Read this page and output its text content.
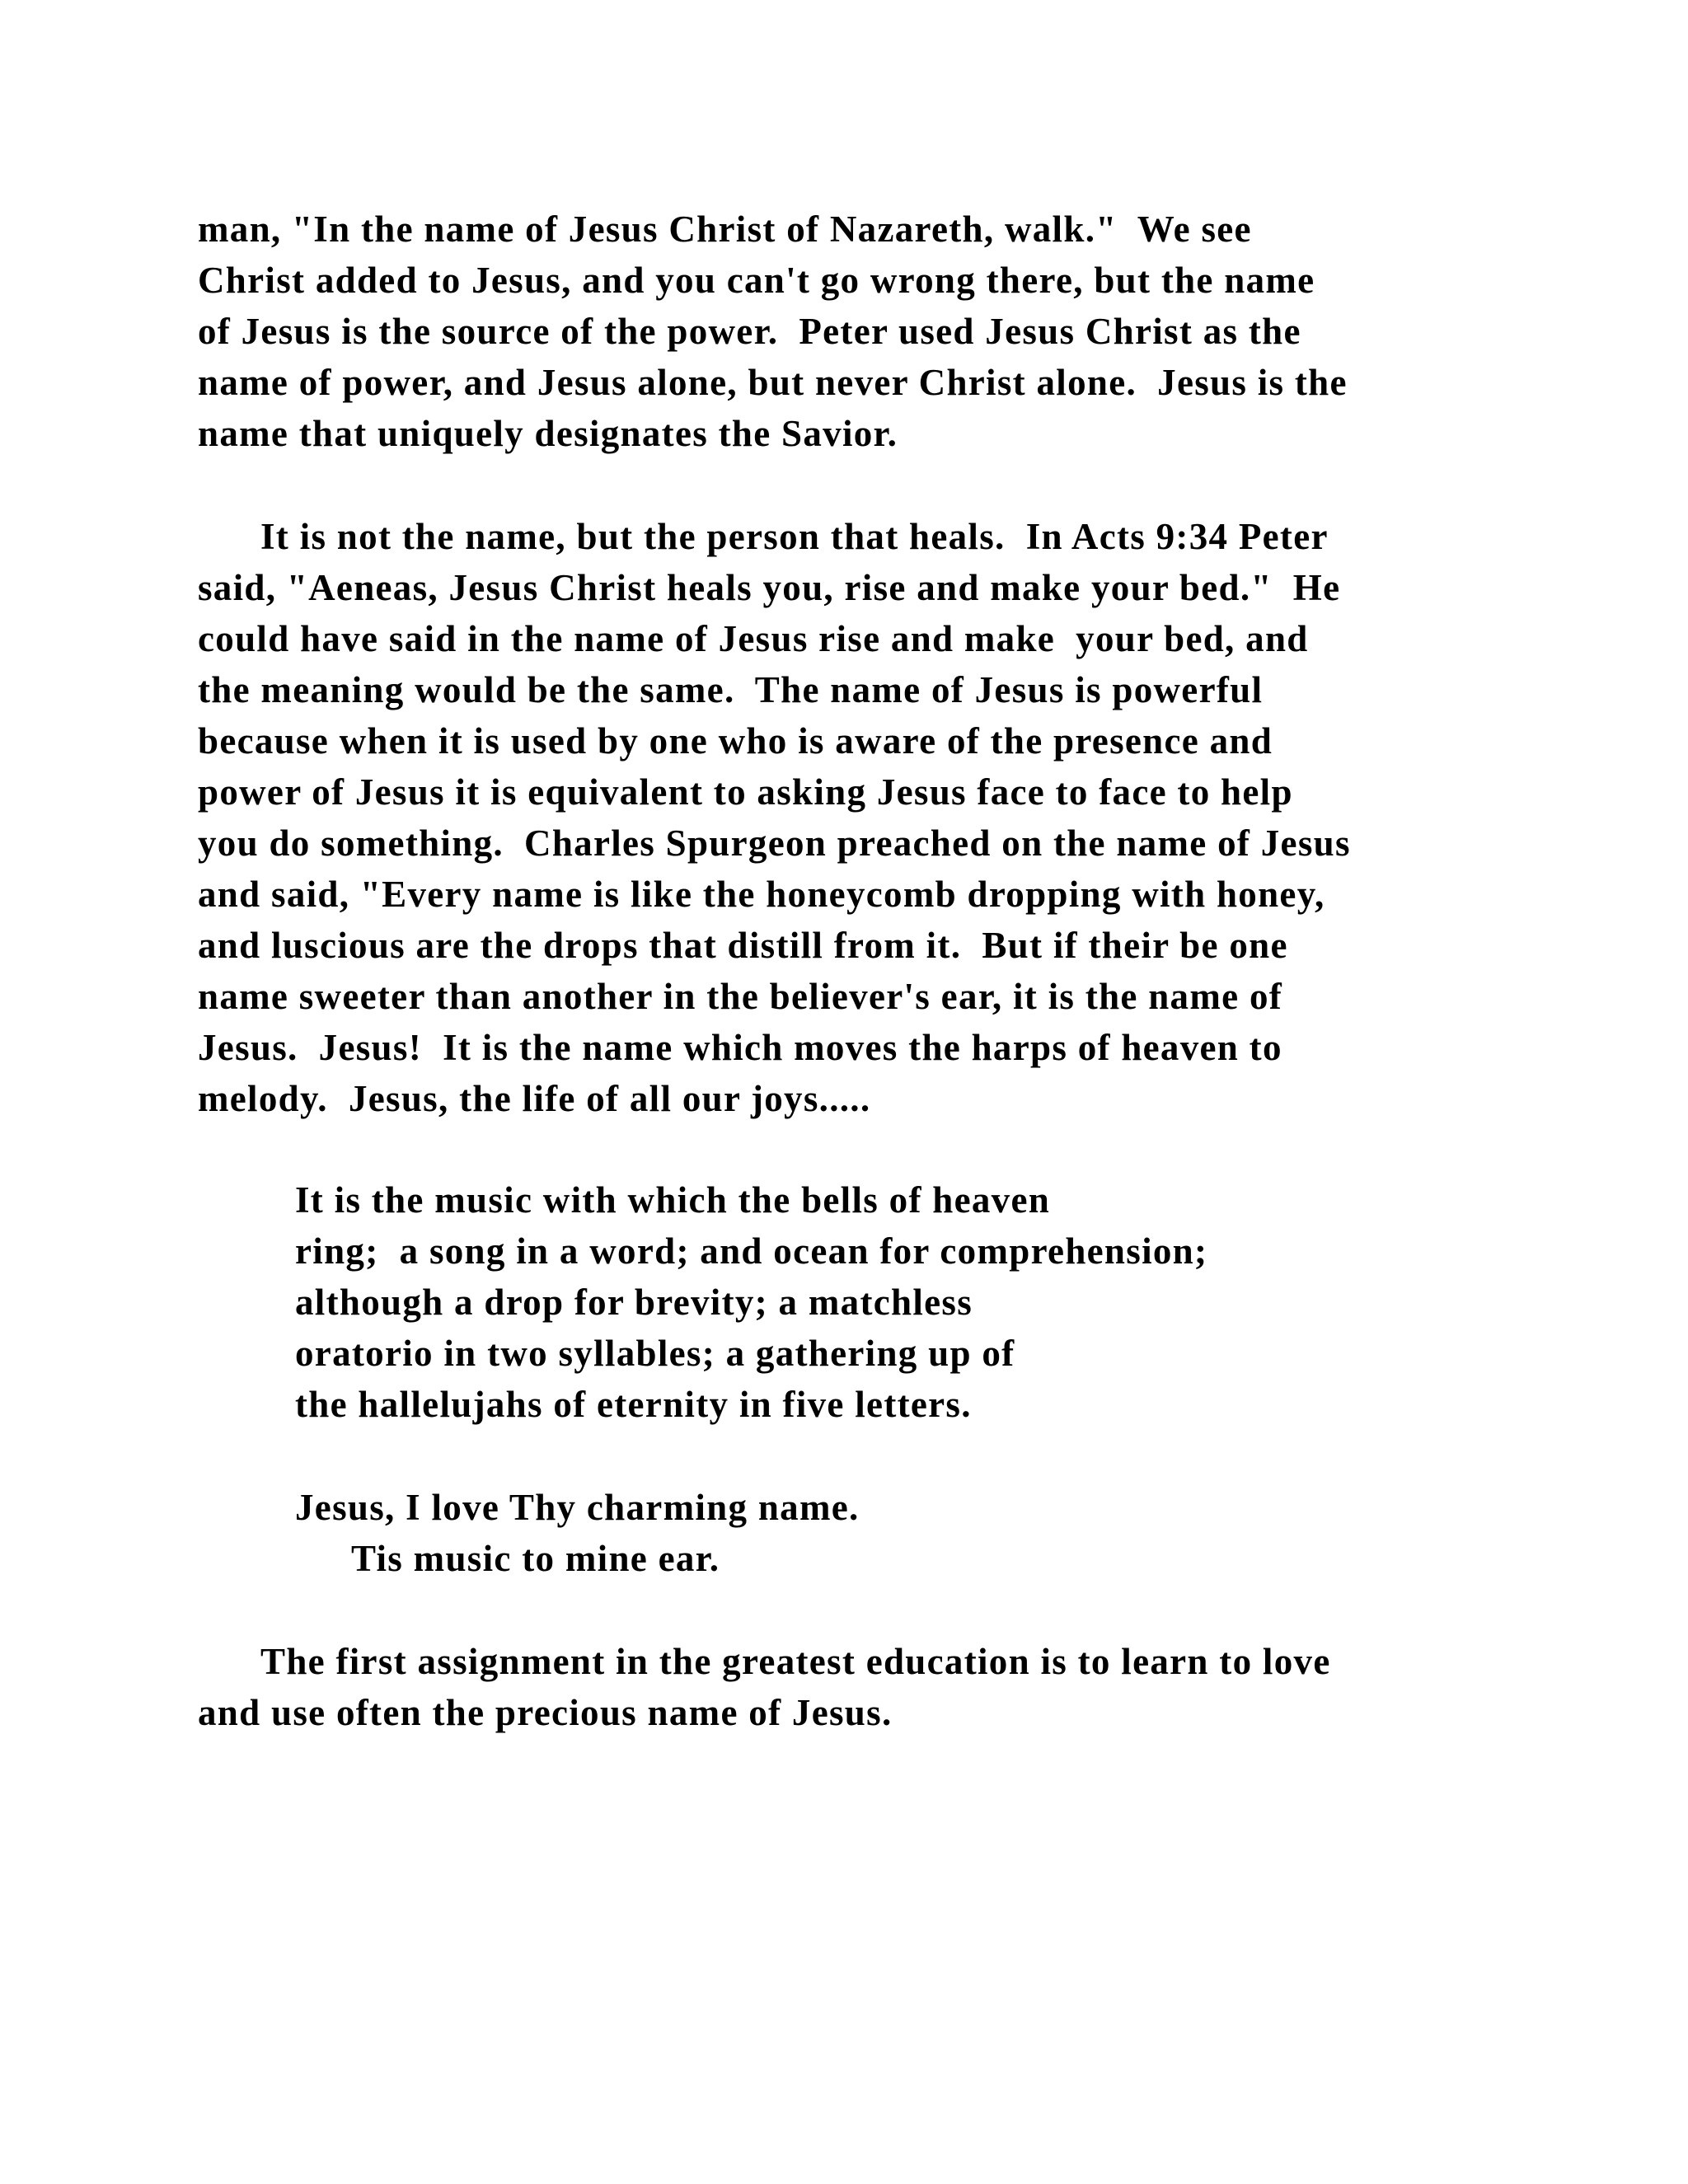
man, "In the name of Jesus Christ of Nazareth, walk."  We see
Christ added to Jesus, and you can't go wrong there, but the name
of Jesus is the source of the power.  Peter used Jesus Christ as the
name of power, and Jesus alone, but never Christ alone.  Jesus is the
name that uniquely designates the Savior.
It is not the name, but the person that heals.  In Acts 9:34 Peter
said, "Aeneas, Jesus Christ heals you, rise and make your bed."  He
could have said in the name of Jesus rise and make  your bed, and
the meaning would be the same.  The name of Jesus is powerful
because when it is used by one who is aware of the presence and
power of Jesus it is equivalent to asking Jesus face to face to help
you do something.  Charles Spurgeon preached on the name of Jesus
and said, "Every name is like the honeycomb dropping with honey,
and luscious are the drops that distill from it.  But if their be one
name sweeter than another in the believer's ear, it is the name of
Jesus.  Jesus!  It is the name which moves the harps of heaven to
melody.  Jesus, the life of all our joys.....
It is the music with which the bells of heaven
ring;  a song in a word; and ocean for comprehension;
although a drop for brevity; a matchless
oratorio in two syllables; a gathering up of
the hallelujahs of eternity in five letters.
Jesus, I love Thy charming name.
Tis music to mine ear.
The first assignment in the greatest education is to learn to love
and use often the precious name of Jesus.
